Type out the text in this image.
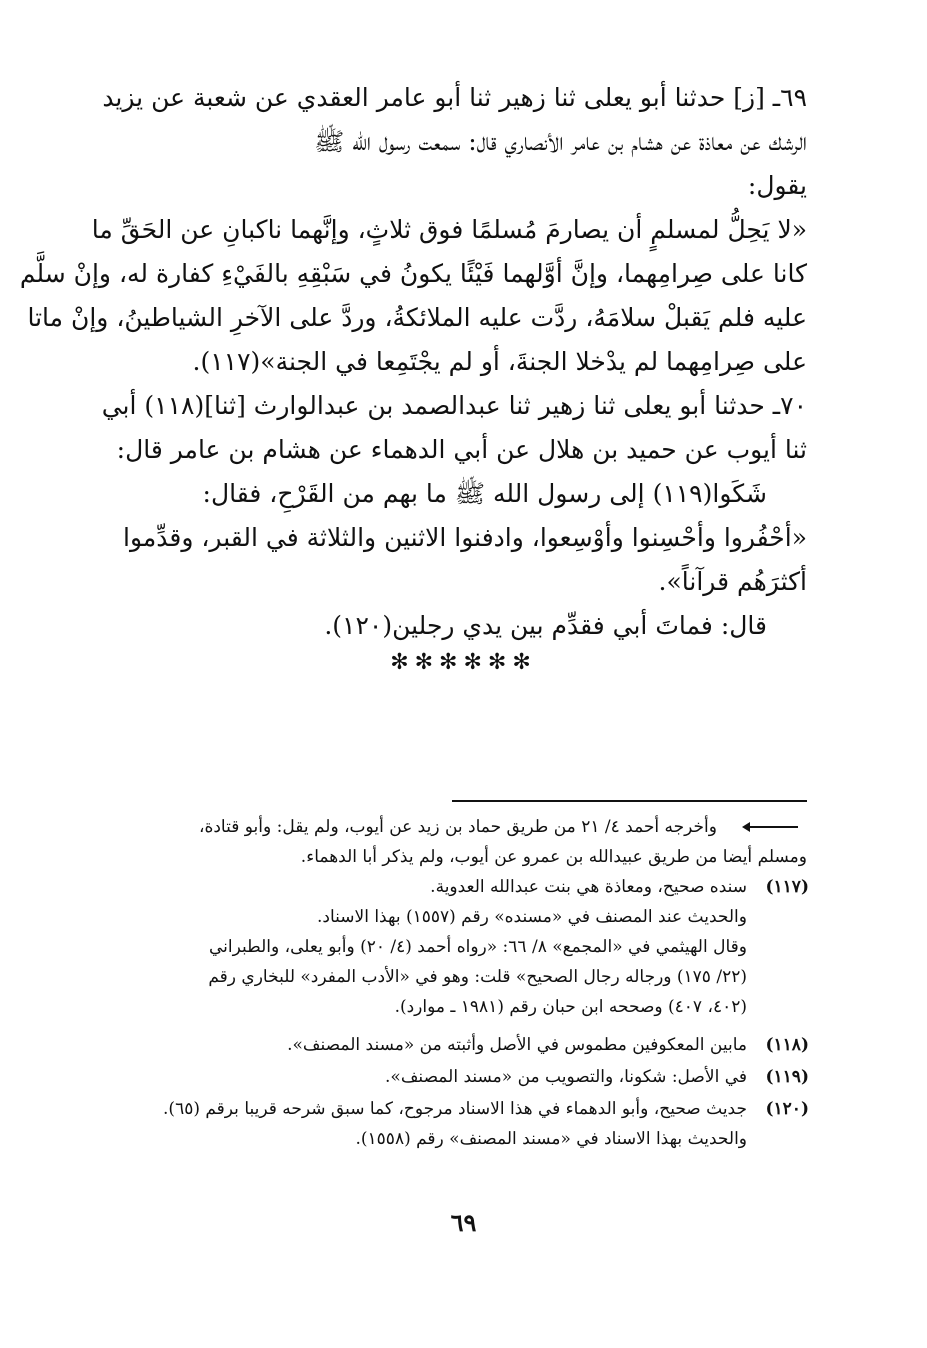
٦٩ـ [ز] حدثنا أبو يعلى ثنا زهير ثنا أبو عامر العقدي عن شعبة عن يزيد
الرشك عن معاذة عن هشام بن عامر الأنصاري قال: سمعت رسول الله ﷺ
يقول:
«لا يَحِلُّ لمسلمٍ أن يصارمَ مُسلمًا فوق ثلاثٍ، وإنَّهما ناكبانِ عن الحَقِّ ما
كانا على صِرامِهما، وإنَّ أوَّلهما فَيْئًا يكونُ في سَبْقِهِ بالفَيْءِ كفارة له، وإنْ سلَّم
عليه فلم يَقبلْ سلامَهُ، ردَّت عليه الملائكةُ، وردَّ على الآخرِ الشياطينُ، وإنْ ماتا
على صِرامِهما لم يدْخلا الجنةَ، أو لم يجْتَمِعا في الجنة»(١١٧).
٧٠ـ حدثنا أبو يعلى ثنا زهير ثنا عبدالصمد بن عبدالوارث [ثنا](١١٨) أبي
ثنا أيوب عن حميد بن هلال عن أبي الدهماء عن هشام بن عامر قال:
شَكَوا(١١٩) إلى رسول الله ﷺ ما بهم من القَرْحِ، فقال:
«أحْفُروا وأحْسِنوا وأوْسِعوا، وادفنوا الاثنين والثلاثة في القبر، وقدِّموا
أكثرَهُم قرآناً».
قال: فماتَ أبي فقدِّم بين يدي رجلين(١٢٠).
✻✻✻✻✻✻
وأخرجه أحمد ٤/ ٢١ من طريق حماد بن زيد عن أيوب، ولم يقل: وأبو قتادة،
ومسلم أيضا من طريق عبيدالله بن عمرو عن أيوب، ولم يذكر أبا الدهماء.
(١١٧)
سنده صحيح، ومعاذة هي بنت عبدالله العدوية.
والحديث عند المصنف في «مسنده» رقم (١٥٥٧) بهذا الاسناد.
وقال الهيثمي في «المجمع» ٨/ ٦٦: «رواه أحمد (٤/ ٢٠) وأبو يعلى، والطبراني
(٢٢/ ١٧٥) ورجاله رجال الصحيح» قلت: وهو في «الأدب المفرد» للبخاري رقم
(٤٠٢، ٤٠٧) وصححه ابن حبان رقم (١٩٨١ ـ موارد).
(١١٨)
مابين المعكوفين مطموس في الأصل وأثبته من «مسند المصنف».
(١١٩)
في الأصل: شكونا، والتصويب من «مسند المصنف».
(١٢٠)
جديث صحيح، وأبو الدهماء في هذا الاسناد مرجوح، كما سبق شرحه قريبا برقم (٦٥).
والحديث بهذا الاسناد في «مسند المصنف» رقم (١٥٥٨).
٦٩
